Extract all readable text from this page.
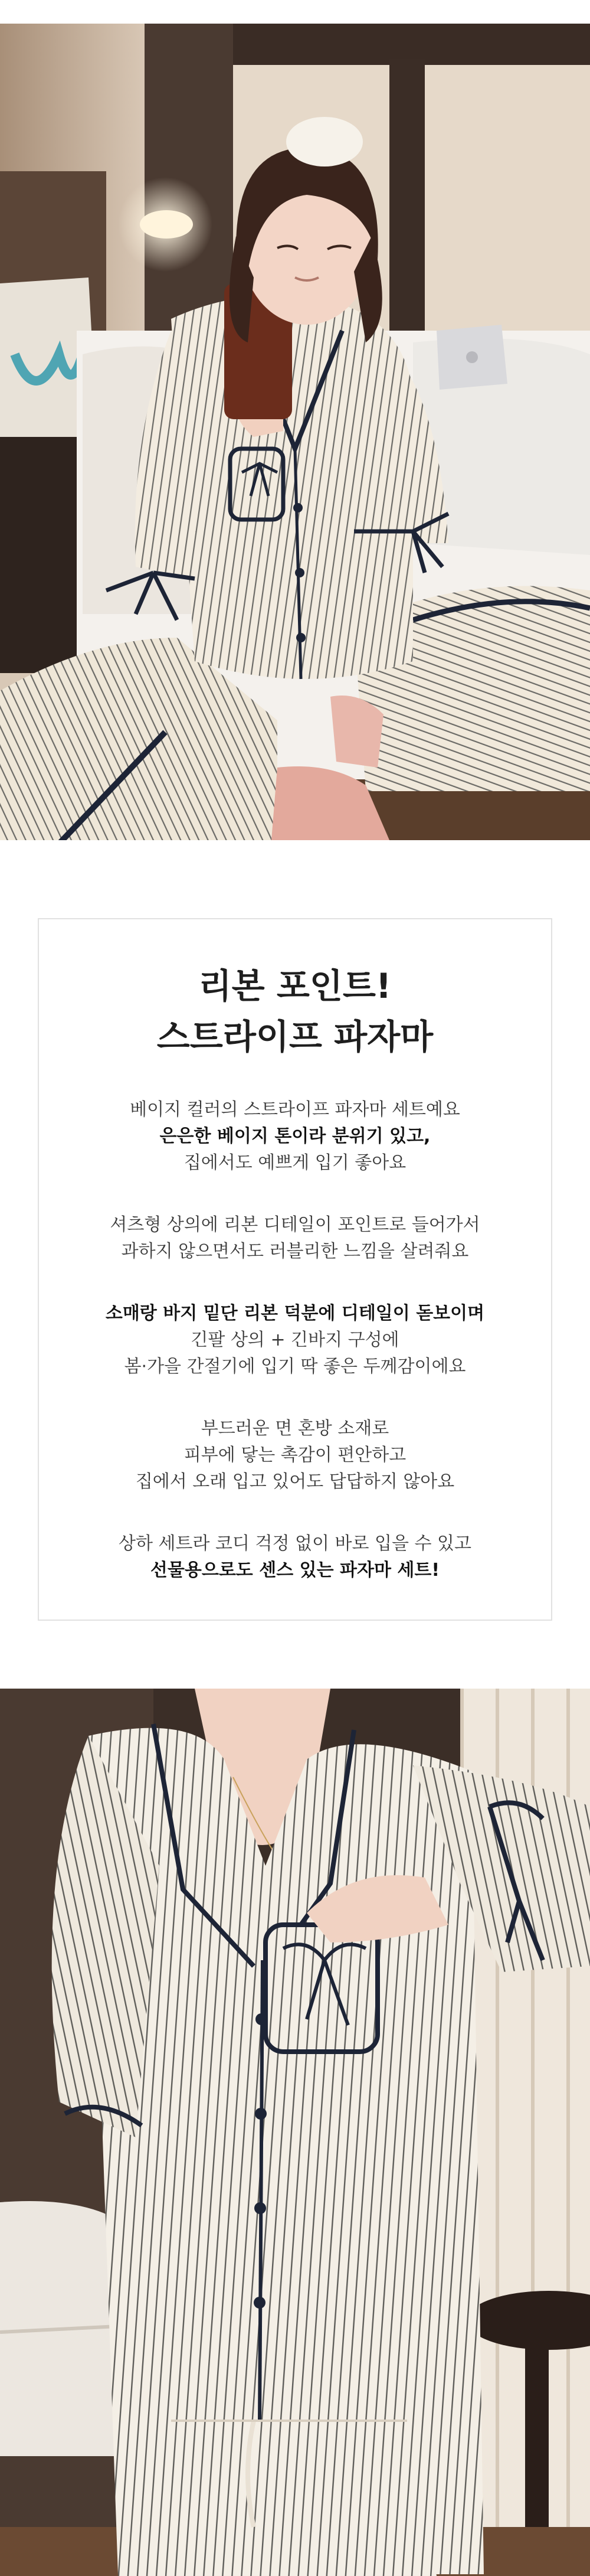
리본 포인트!
스트라이프 파자마
베이지 컬러의 스트라이프 파자마 세트예요
은은한 베이지 톤이라 분위기 있고,
집에서도 예쁘게 입기 좋아요
셔츠형 상의에 리본 디테일이 포인트로 들어가서
과하지 않으면서도 러블리한 느낌을 살려줘요
소매랑 바지 밑단 리본 덕분에 디테일이 돋보이며
긴팔 상의 + 긴바지 구성에
봄·가을 간절기에 입기 딱 좋은 두께감이에요
부드러운 면 혼방 소재로
피부에 닿는 촉감이 편안하고
집에서 오래 입고 있어도 답답하지 않아요
상하 세트라 코디 걱정 없이 바로 입을 수 있고
선물용으로도 센스 있는 파자마 세트!
